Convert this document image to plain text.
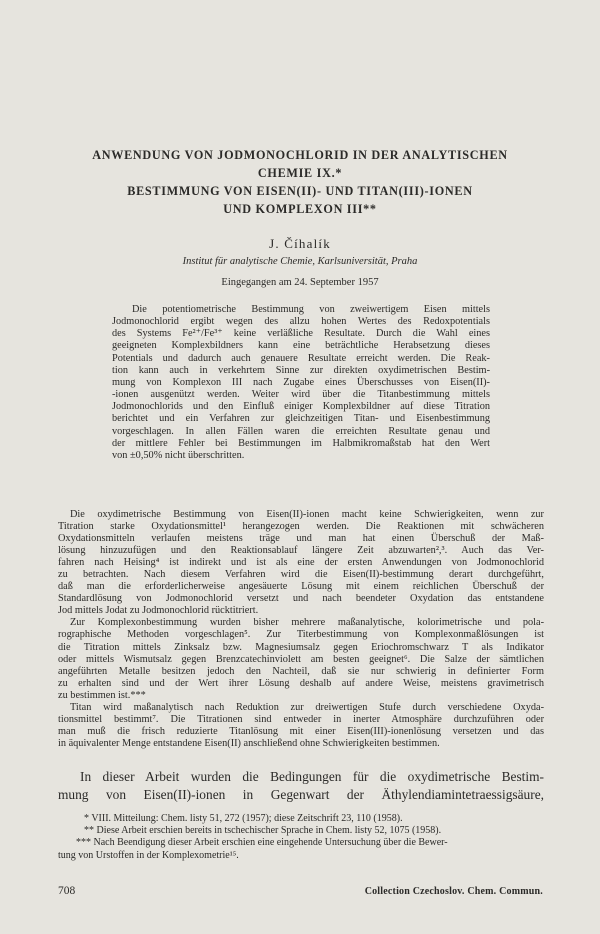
ANWENDUNG VON JODMONOCHLORID IN DER ANALYTISCHEN
CHEMIE IX.*
BESTIMMUNG VON EISEN(II)- UND TITAN(III)-IONEN
UND KOMPLEXON III**
J. Číhalík
Institut für analytische Chemie, Karlsuniversität, Praha
Eingegangen am 24. September 1957
Die potentiometrische Bestimmung von zweiwertigem Eisen mittels
Jodmonochlorid ergibt wegen des allzu hohen Wertes des Redoxpotentials
des Systems Fe²⁺/Fe³⁺ keine verläßliche Resultate. Durch die Wahl eines
geeigneten Komplexbildners kann eine beträchtliche Herabsetzung dieses
Potentials und dadurch auch genauere Resultate erreicht werden. Die Reak-
tion kann auch in verkehrtem Sinne zur direkten oxydimetrischen Bestim-
mung von Komplexon III nach Zugabe eines Überschusses von Eisen(II)-
-ionen ausgenützt werden. Weiter wird über die Titanbestimmung mittels
Jodmonochlorids und den Einfluß einiger Komplexbildner auf diese Titration
berichtet und ein Verfahren zur gleichzeitigen Titan- und Eisenbestimmung
vorgeschlagen. In allen Fällen waren die erreichten Resultate genau und
der mittlere Fehler bei Bestimmungen im Halbmikromaßstab hat den Wert
von ±0,50% nicht überschritten.
Die oxydimetrische Bestimmung von Eisen(II)-ionen macht keine Schwierigkeiten, wenn zur
Titration starke Oxydationsmittel¹ herangezogen werden. Die Reaktionen mit schwächeren
Oxydationsmitteln verlaufen meistens träge und man hat einen Überschuß der Maß-
lösung hinzuzufügen und den Reaktionsablauf längere Zeit abzuwarten²,³. Auch das Ver-
fahren nach Heising⁴ ist indirekt und ist als eine der ersten Anwendungen von Jodmonochlorid
zu betrachten. Nach diesem Verfahren wird die Eisen(II)-bestimmung derart durchgeführt,
daß man die erforderlicherweise angesäuerte Lösung mit einem reichlichen Überschuß der
Standardlösung von Jodmonochlorid versetzt und nach beendeter Oxydation das entstandene
Jod mittels Jodat zu Jodmonochlorid rücktitriert.
Zur Komplexonbestimmung wurden bisher mehrere maßanalytische, kolorimetrische und pola-
rographische Methoden vorgeschlagen⁵. Zur Titerbestimmung von Komplexonmaßlösungen ist
die Titration mittels Zinksalz bzw. Magnesiumsalz gegen Eriochromschwarz T als Indikator
oder mittels Wismutsalz gegen Brenzcatechinviolett am besten geeignet⁶. Die Salze der sämtlichen
angeführten Metalle besitzen jedoch den Nachteil, daß sie nur schwierig in definierter Form
zu erhalten sind und der Wert ihrer Lösung deshalb auf andere Weise, meistens gravimetrisch
zu bestimmen ist.***
Titan wird maßanalytisch nach Reduktion zur dreiwertigen Stufe durch verschiedene Oxyda-
tionsmittel bestimmt⁷. Die Titrationen sind entweder in inerter Atmosphäre durchzuführen oder
man muß die frisch reduzierte Titanlösung mit einer Eisen(III)-ionenlösung versetzen und das
in äquivalenter Menge entstandene Eisen(II) anschließend ohne Schwierigkeiten bestimmen.
In dieser Arbeit wurden die Bedingungen für die oxydimetrische Bestim-
mung von Eisen(II)-ionen in Gegenwart der Äthylendiamintetraessigsäure,
* VIII. Mitteilung: Chem. listy 51, 272 (1957); diese Zeitschrift 23, 110 (1958).
** Diese Arbeit erschien bereits in tschechischer Sprache in Chem. listy 52, 1075 (1958).
*** Nach Beendigung dieser Arbeit erschien eine eingehende Untersuchung über die Bewer-
tung von Urstoffen in der Komplexometrie¹⁵.
708	Collection Czechoslov. Chem. Commun.
